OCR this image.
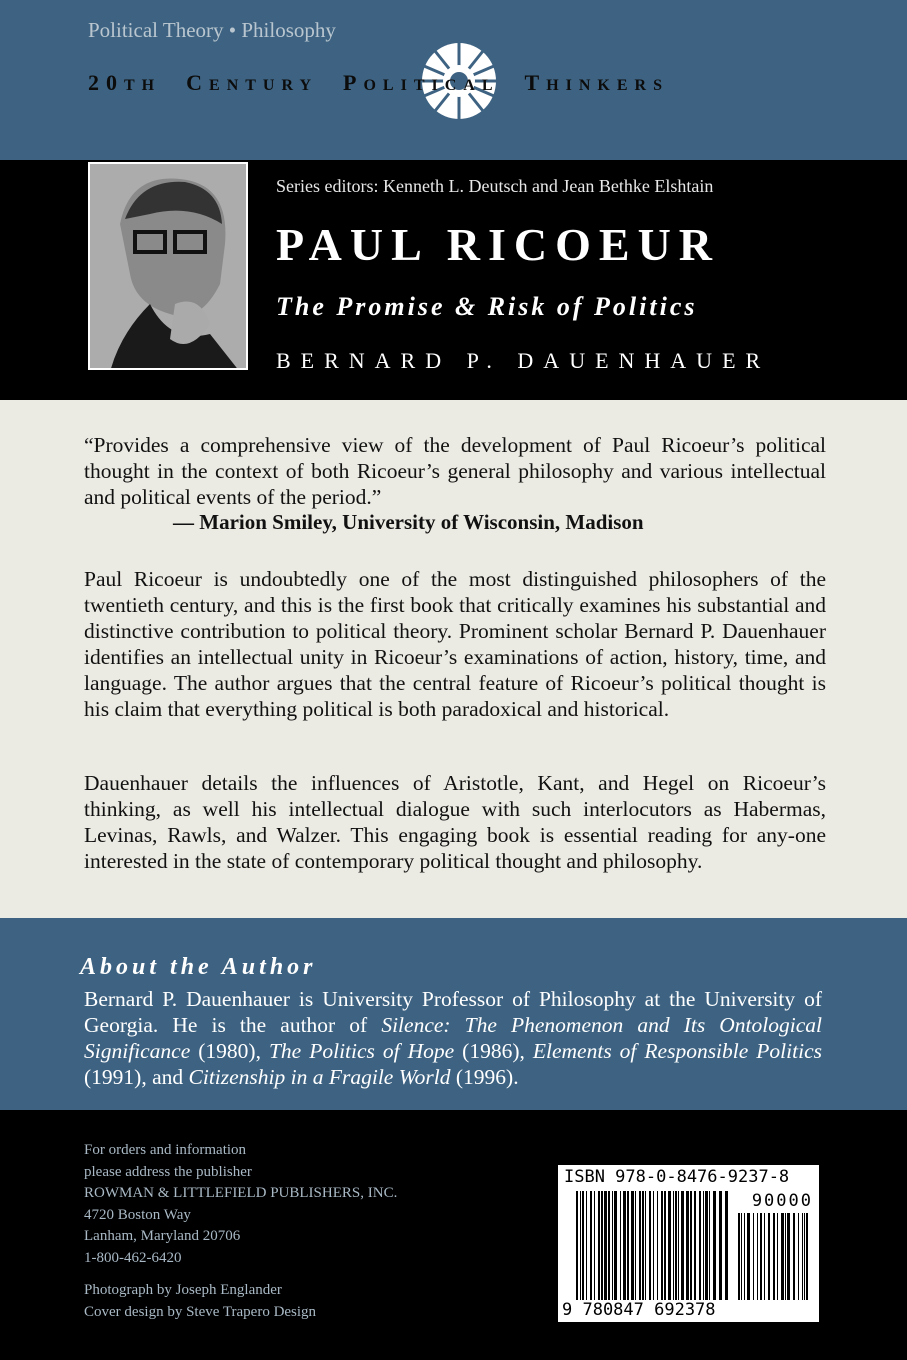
Political Theory • Philosophy
20TH CENTURY POLITICAL THINKERS
Series editors: Kenneth L. Deutsch and Jean Bethke Elshtain
PAUL RICOEUR
The Promise & Risk of Politics
BERNARD P. DAUENHAUER
“Provides a comprehensive view of the development of Paul Ricoeur’s political thought in the context of both Ricoeur’s general philosophy and various intellectual and political events of the period.”
— Marion Smiley, University of Wisconsin, Madison
Paul Ricoeur is undoubtedly one of the most distinguished philosophers of the twentieth century, and this is the first book that critically examines his substantial and distinctive contribution to political theory. Prominent scholar Bernard P. Dauenhauer identifies an intellectual unity in Ricoeur’s examinations of action, history, time, and language. The author argues that the central feature of Ricoeur’s political thought is his claim that everything political is both paradoxical and historical.
Dauenhauer details the influences of Aristotle, Kant, and Hegel on Ricoeur’s thinking, as well his intellectual dialogue with such interlocutors as Habermas, Levinas, Rawls, and Walzer. This engaging book is essential reading for any-one interested in the state of contemporary political thought and philosophy.
About the Author
Bernard P. Dauenhauer is University Professor of Philosophy at the University of Georgia. He is the author of Silence: The Phenomenon and Its Ontological Significance (1980), The Politics of Hope (1986), Elements of Responsible Politics (1991), and Citizenship in a Fragile World (1996).
For orders and information
please address the publisher
ROWMAN & LITTLEFIELD PUBLISHERS, INC.
4720 Boston Way
Lanham, Maryland 20706
1-800-462-6420
Photograph by Joseph Englander
Cover design by Steve Trapero Design
ISBN 978-0-8476-9237-8
90000
9 780847 692378
